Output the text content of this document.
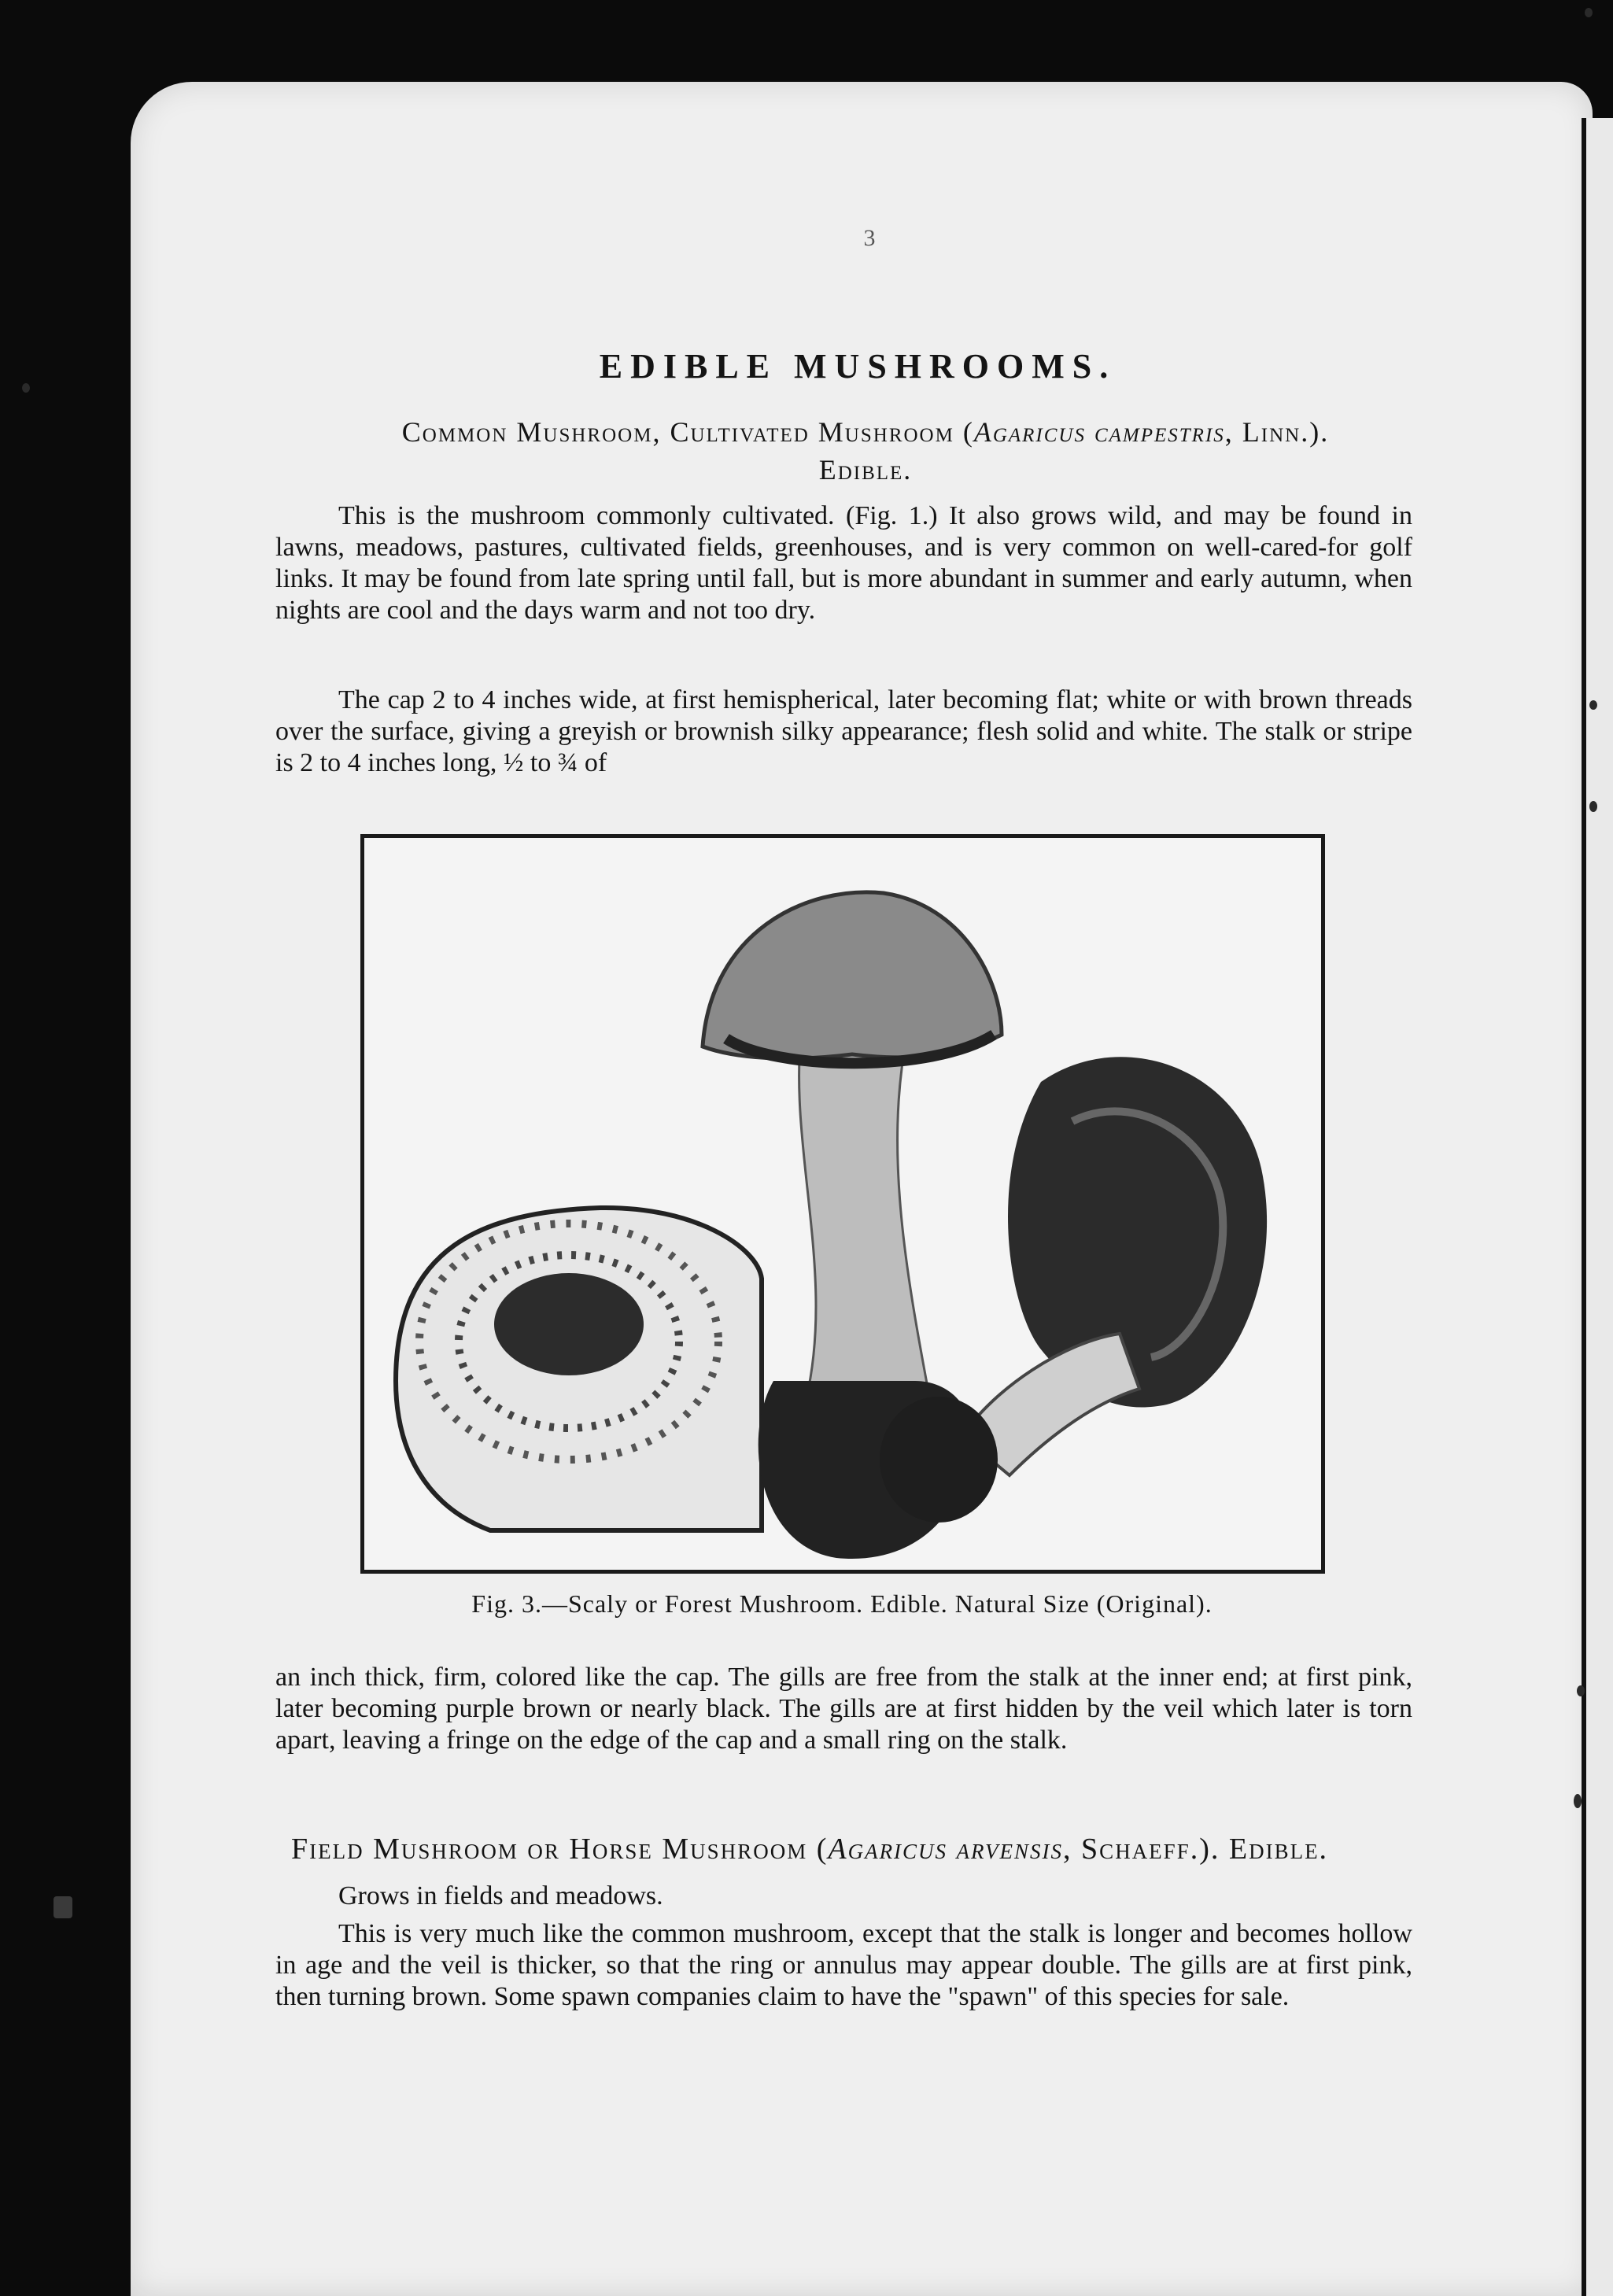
3
EDIBLE MUSHROOMS.
Common Mushroom, Cultivated Mushroom (Agaricus campestris, Linn.).
Edible.

This is the mushroom commonly cultivated. (Fig. 1.) It also grows wild, and may be found in lawns, meadows, pastures, cultivated fields, greenhouses, and is very common on well-cared-for golf links. It may be found from late spring until fall, but is more abundant in summer and early autumn, when nights are cool and the days warm and not too dry.

The cap 2 to 4 inches wide, at first hemispherical, later becoming flat; white or with brown threads over the surface, giving a greyish or brownish silky appearance; flesh solid and white. The stalk or stripe is 2 to 4 inches long, ½ to ¾ of

Fig. 3.—Scaly or Forest Mushroom. Edible. Natural Size (Original).

an inch thick, firm, colored like the cap. The gills are free from the stalk at the inner end; at first pink, later becoming purple brown or nearly black. The gills are at first hidden by the veil which later is torn apart, leaving a fringe on the edge of the cap and a small ring on the stalk.

Field Mushroom or Horse Mushroom (Agaricus arvensis, Schaeff.). Edible.

Grows in fields and meadows.

This is very much like the common mushroom, except that the stalk is longer and becomes hollow in age and the veil is thicker, so that the ring or annulus may appear double. The gills are at first pink, then turning brown. Some spawn companies claim to have the "spawn" of this species for sale.
